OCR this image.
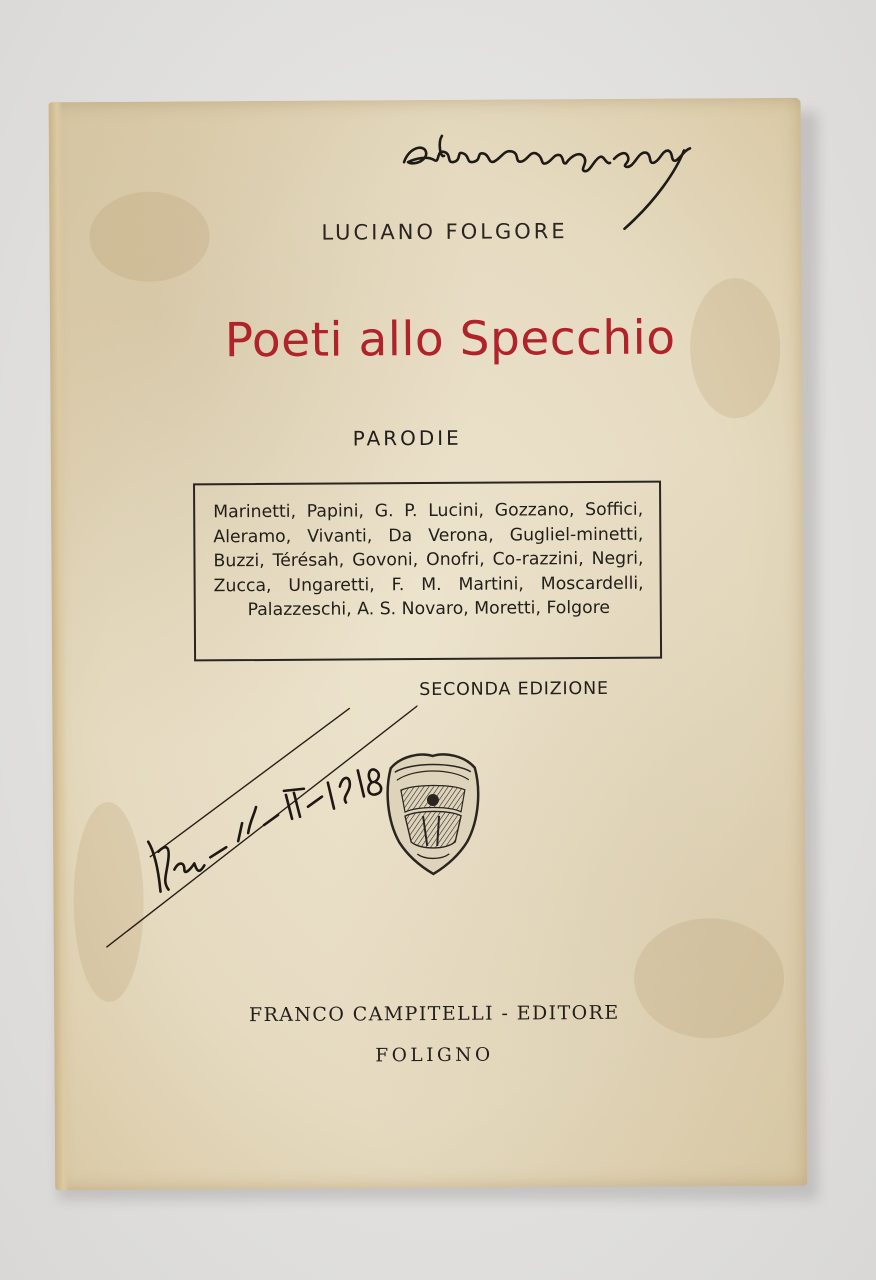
LUCIANO FOLGORE
Poeti allo Specchio
PARODIE

Marinetti, Papini, G. P. Lucini, Gozzano, Soffici, Aleramo, Vivanti, Da Verona, Gugliel-minetti, Buzzi, Térésah, Govoni, Onofri, Co-razzini, Negri, Zucca, Ungaretti, F. M. Martini, Moscardelli, Palazzeschi, A. S. Novaro, Moretti, Folgore

SECONDA EDIZIONE
FRANCO CAMPITELLI - EDITORE
FOLIGNO
